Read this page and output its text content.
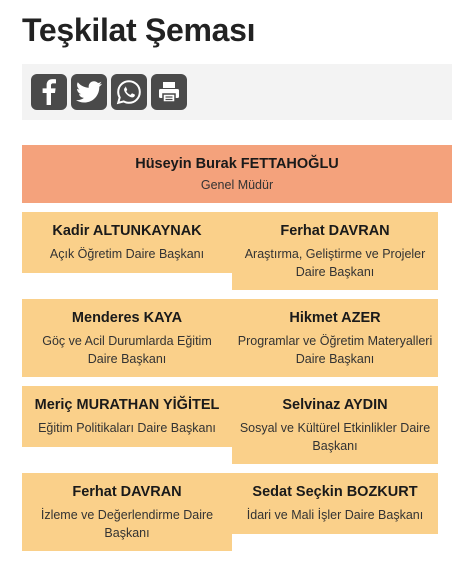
Teşkilat Şeması
Hüseyin Burak FETTAHOĞLU
Genel Müdür
Kadir ALTUNKAYNAK
Açık Öğretim Daire Başkanı
Ferhat DAVRAN
Araştırma, Geliştirme ve Projeler Daire Başkanı
Menderes KAYA
Göç ve Acil Durumlarda Eğitim Daire Başkanı
Hikmet AZER
Programlar ve Öğretim Materyalleri Daire Başkanı
Meriç MURATHAN YİĞİTEL
Eğitim Politikaları Daire Başkanı
Selvinaz AYDIN
Sosyal ve Kültürel Etkinlikler Daire Başkanı
Ferhat DAVRAN
İzleme ve Değerlendirme Daire Başkanı
Sedat Seçkin BOZKURT
İdari ve Mali İşler Daire Başkanı
